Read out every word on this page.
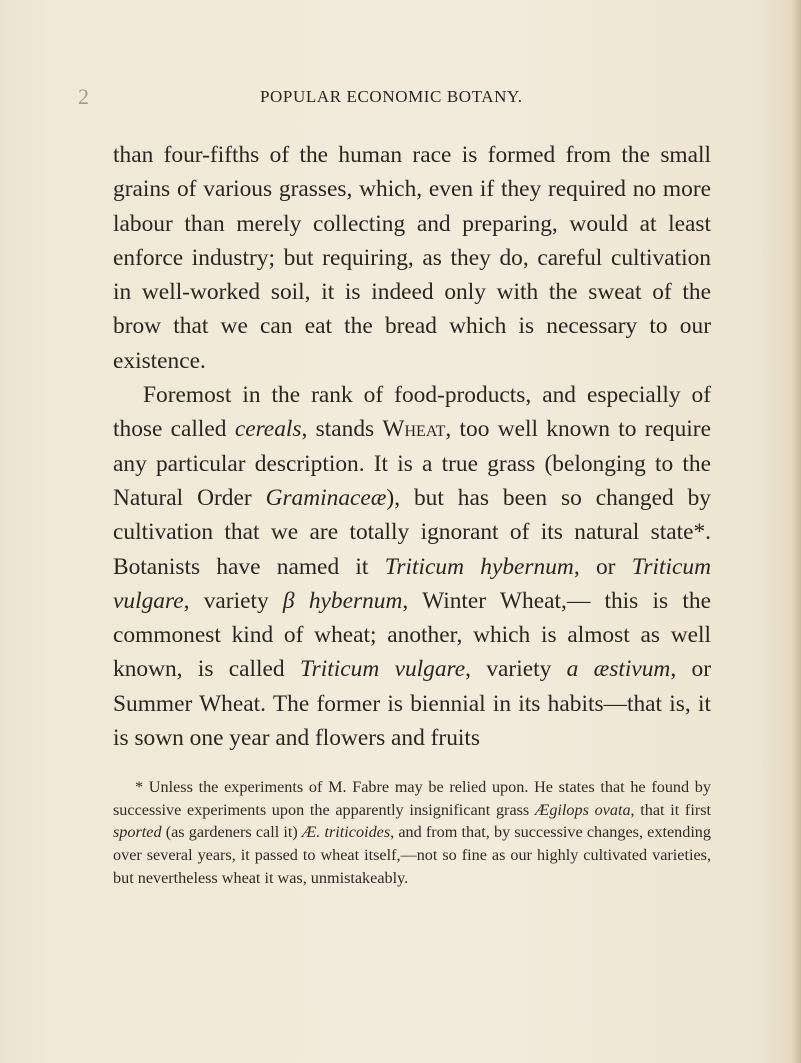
2	POPULAR ECONOMIC BOTANY.

than four-fifths of the human race is formed from the small grains of various grasses, which, even if they required no more labour than merely collecting and preparing, would at least enforce industry; but requiring, as they do, careful cultivation in well-worked soil, it is indeed only with the sweat of the brow that we can eat the bread which is necessary to our existence.

Foremost in the rank of food-products, and especially of those called cereals, stands Wheat, too well known to require any particular description. It is a true grass (belonging to the Natural Order Graminaceæ), but has been so changed by cultivation that we are totally ignorant of its natural state*. Botanists have named it Triticum hybernum, or Triticum vulgare, variety β hybernum, Winter Wheat,— this is the commonest kind of wheat; another, which is almost as well known, is called Triticum vulgare, variety a æstivum, or Summer Wheat. The former is biennial in its habits—that is, it is sown one year and flowers and fruits

* Unless the experiments of M. Fabre may be relied upon. He states that he found by successive experiments upon the apparently insignificant grass Ægilops ovata, that it first sported (as gardeners call it) Æ. triticoides, and from that, by successive changes, extending over several years, it passed to wheat itself,—not so fine as our highly cultivated varieties, but nevertheless wheat it was, unmistakeably.
